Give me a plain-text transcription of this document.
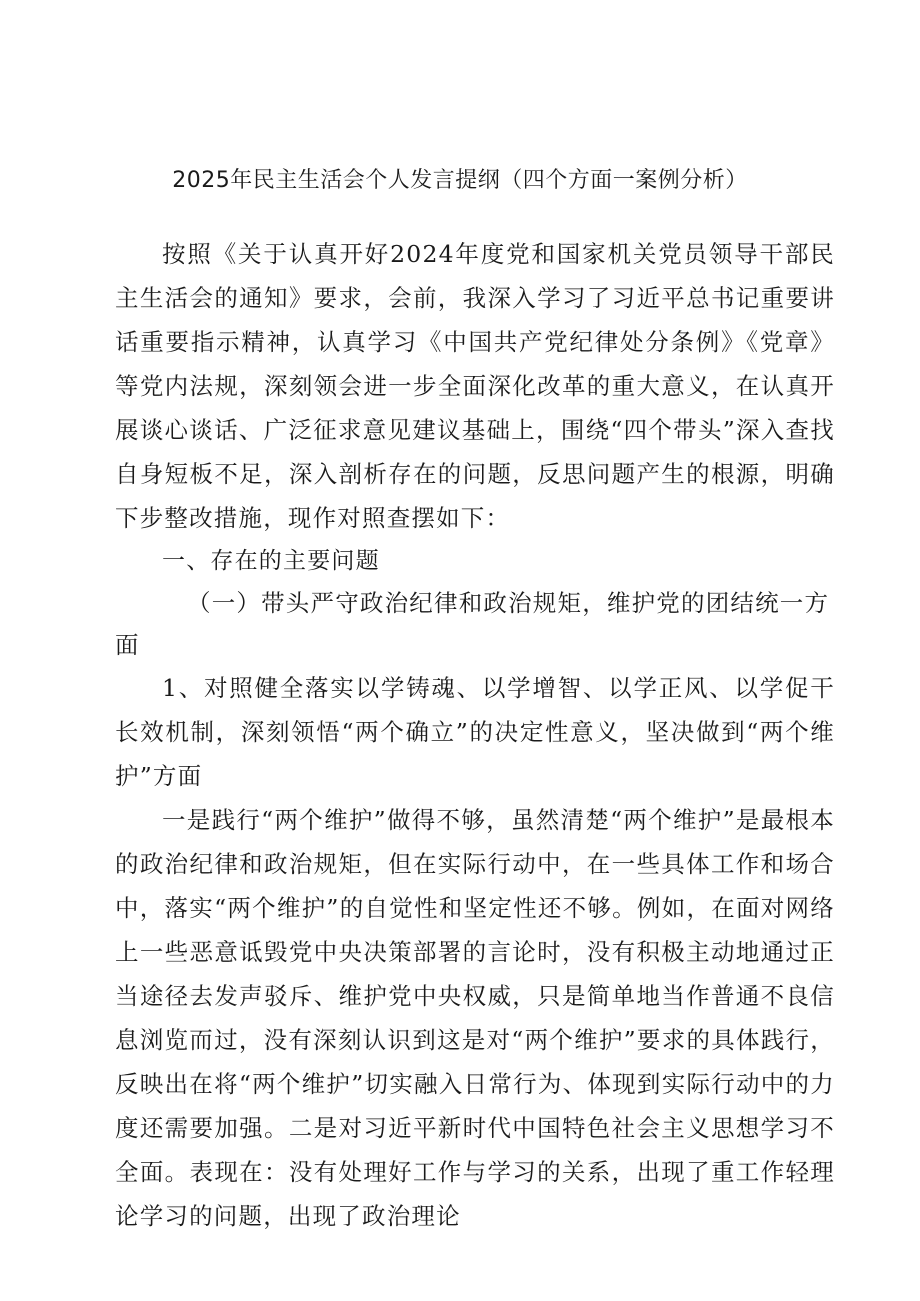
2025年民主生活会个人发言提纲（四个方面一案例分析）

按照《关于认真开好2024年度党和国家机关党员领导干部民主生活会的通知》要求，会前，我深入学习了习近平总书记重要讲话重要指示精神，认真学习《中国共产党纪律处分条例》《党章》等党内法规，深刻领会进一步全面深化改革的重大意义，在认真开展谈心谈话、广泛征求意见建议基础上，围绕“四个带头”深入查找自身短板不足，深入剖析存在的问题，反思问题产生的根源，明确下步整改措施，现作对照查摆如下：

一、存在的主要问题

（一）带头严守政治纪律和政治规矩，维护党的团结统一方面

1、对照健全落实以学铸魂、以学增智、以学正风、以学促干长效机制，深刻领悟“两个确立”的决定性意义，坚决做到“两个维护”方面

一是践行“两个维护”做得不够，虽然清楚“两个维护”是最根本的政治纪律和政治规矩，但在实际行动中，在一些具体工作和场合中，落实“两个维护”的自觉性和坚定性还不够。例如，在面对网络上一些恶意诋毁党中央决策部署的言论时，没有积极主动地通过正当途径去发声驳斥、维护党中央权威，只是简单地当作普通不良信息浏览而过，没有深刻认识到这是对“两个维护”要求的具体践行，反映出在将“两个维护”切实融入日常行为、体现到实际行动中的力度还需要加强。二是对习近平新时代中国特色社会主义思想学习不全面。表现在：没有处理好工作与学习的关系，出现了重工作轻理论学习的问题，出现了政治理论
